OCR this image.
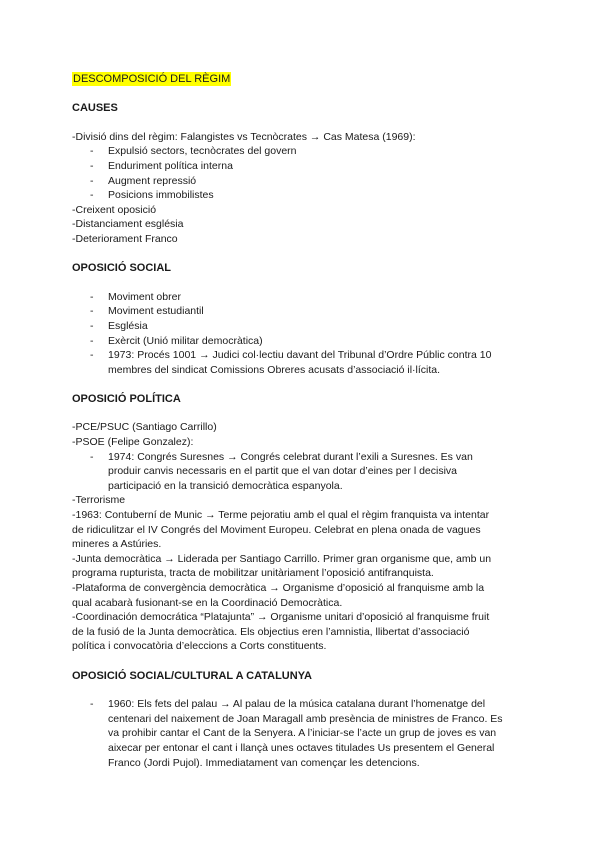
DESCOMPOSICIÓ DEL RÈGIM
CAUSES
-Divisió dins del règim: Falangistes vs Tecnòcrates → Cas Matesa (1969):
-	Expulsió sectors, tecnòcrates del govern
-	Enduriment política interna
-	Augment repressió
-	Posicions immobilistes
-Creixent oposició
-Distanciament església
-Deteriorament Franco
OPOSICIÓ SOCIAL
-	Moviment obrer
-	Moviment estudiantil
-	Església
-	Exèrcit (Unió militar democràtica)
-	1973: Procés 1001 → Judici col·lectiu davant del Tribunal d’Ordre Públic contra 10
membres del sindicat Comissions Obreres acusats d’associació il·lícita.
OPOSICIÓ POLÍTICA
-PCE/PSUC (Santiago Carrillo)
-PSOE (Felipe Gonzalez):
-	1974: Congrés Suresnes → Congrés celebrat durant l’exili a Suresnes. Es van
produir canvis necessaris en el partit que el van dotar d’eines per l decisiva
participació en la transició democràtica espanyola.
-Terrorisme
-1963: Contuberní de Munic → Terme pejoratiu amb el qual el règim franquista va intentar
de ridiculitzar el IV Congrés del Moviment Europeu. Celebrat en plena onada de vagues
mineres a Astúries.
-Junta democràtica → Liderada per Santiago Carrillo. Primer gran organisme que, amb un
programa rupturista, tracta de mobilitzar unitàriament l’oposició antifranquista.
-Plataforma de convergència democràtica → Organisme d’oposició al franquisme amb la
qual acabarà fusionant-se en la Coordinació Democràtica.
-Coordinación democrática “Platajunta” → Organisme unitari d’oposició al franquisme fruit
de la fusió de la Junta democràtica. Els objectius eren l’amnistia, llibertat d’associació
política i convocatòria d’eleccions a Corts constituents.
OPOSICIÓ SOCIAL/CULTURAL A CATALUNYA
-	1960: Els fets del palau → Al palau de la música catalana durant l’homenatge del
centenari del naixement de Joan Maragall amb presència de ministres de Franco. Es
va prohibir cantar el Cant de la Senyera. A l’iniciar-se l’acte un grup de joves es van
aixecar per entonar el cant i llançà unes octaves titulades Us presentem el General
Franco (Jordi Pujol). Immediatament van començar les detencions.
